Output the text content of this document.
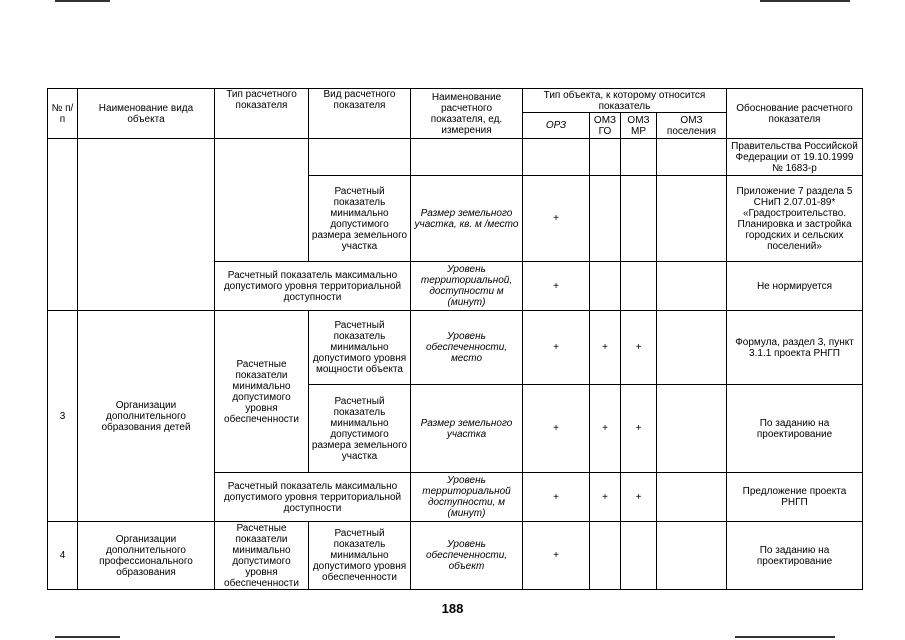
№ п/п	Наименование вида объекта	Тип расчетного показателя	Вид расчетного показателя	Наименование расчетного показателя, ед. измерения	Тип объекта, к которому относится показатель				Обоснование расчетного показателя
					ОРЗ	ОМЗ ГО	ОМЗ МР	ОМЗ поселения	
									Правительства Российской Федерации от 19.10.1999 № 1683-р
			Расчетный показатель минимально допустимого размера земельного участка	Размер земельного участка, кв. м /место	+				Приложение 7 раздела 5 СНиП 2.07.01-89* «Градостроительство. Планировка и застройка городских и сельских поселений»
		Расчетный показатель максимально допустимого уровня территориальной доступности		Уровень территориальной, доступности м (минут)	+				Не нормируется
3	Организации дополнительного образования детей	Расчетные показатели минимально допустимого уровня обеспеченности	Расчетный показатель минимально допустимого уровня мощности объекта	Уровень обеспеченности, место	+	+	+		Формула, раздел 3, пункт 3.1.1 проекта РНГП
			Расчетный показатель минимально допустимого размера земельного участка	Размер земельного участка	+	+	+		По заданию на проектирование
		Расчетный показатель максимально допустимого уровня территориальной доступности		Уровень территориальной доступности, м (минут)	+	+	+		Предложение проекта РНГП
4	Организации дополнительного профессионального образования	Расчетные показатели минимально допустимого уровня обеспеченности	Расчетный показатель минимально допустимого уровня обеспеченности	Уровень обеспеченности, объект	+				По заданию на проектирование
188
